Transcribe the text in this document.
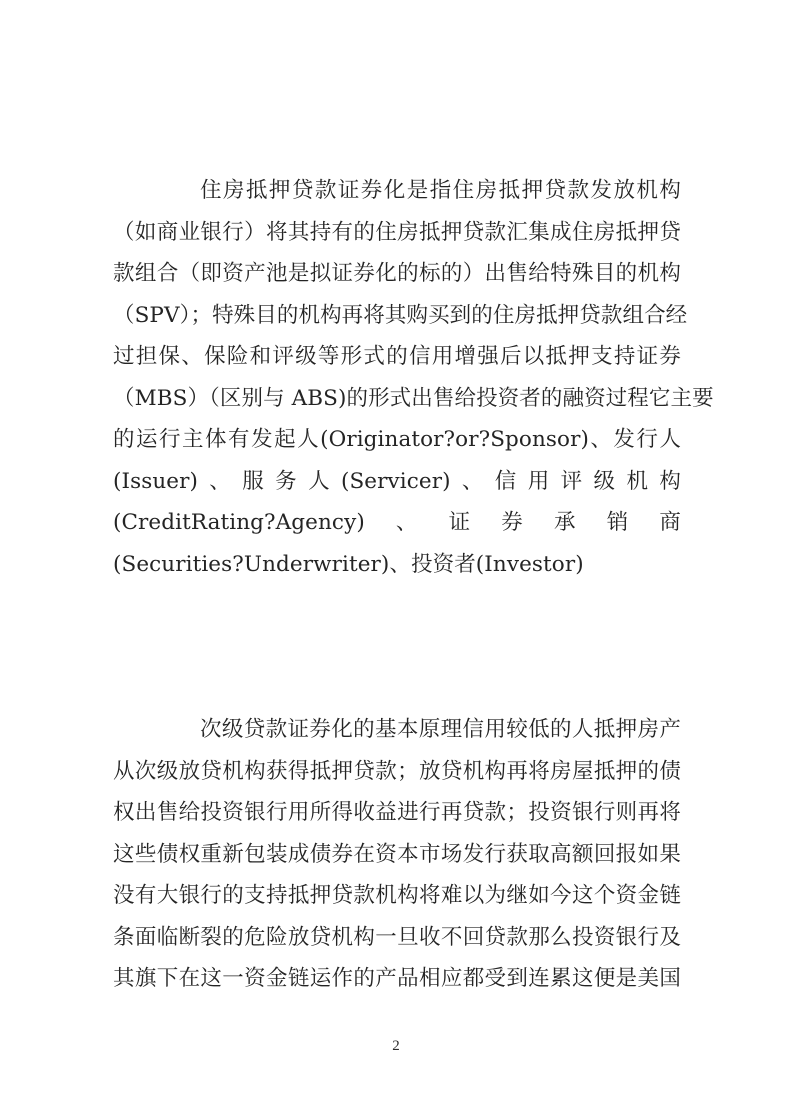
住房抵押贷款证券化是指住房抵押贷款发放机构
（如商业银行）将其持有的住房抵押贷款汇集成住房抵押贷
款组合（即资产池是拟证券化的标的）出售给特殊目的机构
（SPV）；特殊目的机构再将其购买到的住房抵押贷款组合经
过担保、保险和评级等形式的信用增强后以抵押支持证券
（MBS）（区别与 ABS)的形式出售给投资者的融资过程它主要
的运行主体有发起人(Originator?or?Sponsor)、发行人
(Issuer)、服务人(Servicer)、信用评级机构
(CreditRating?Agency)、证券承销商
(Securities?Underwriter)、投资者(Investor)
次级贷款证券化的基本原理信用较低的人抵押房产
从次级放贷机构获得抵押贷款；放贷机构再将房屋抵押的债
权出售给投资银行用所得收益进行再贷款；投资银行则再将
这些债权重新包装成债券在资本市场发行获取高额回报如果
没有大银行的支持抵押贷款机构将难以为继如今这个资金链
条面临断裂的危险放贷机构一旦收不回贷款那么投资银行及
其旗下在这一资金链运作的产品相应都受到连累这便是美国
2
